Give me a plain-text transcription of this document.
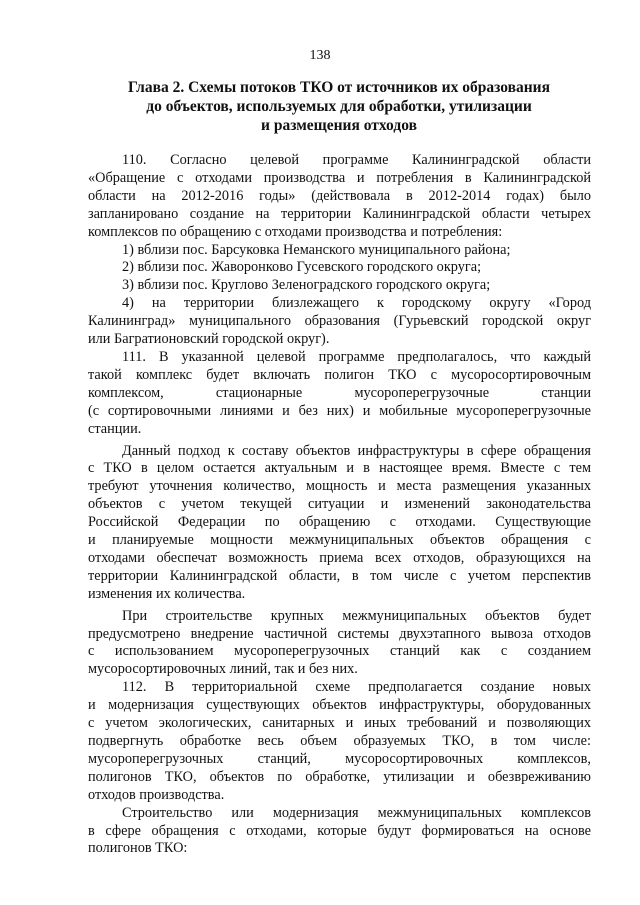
138
Глава 2. Схемы потоков ТКО от источников их образования
до объектов, используемых для обработки, утилизации
и размещения отходов
110. Согласно целевой программе Калининградской области
«Обращение с отходами производства и потребления в Калининградской
области на 2012-2016 годы» (действовала в 2012-2014 годах) было
запланировано создание на территории Калининградской области четырех
комплексов по обращению с отходами производства и потребления:
1) вблизи пос. Барсуковка Неманского муниципального района;
2) вблизи пос. Жаворонково Гусевского городского округа;
3) вблизи пос. Круглово Зеленоградского городского округа;
4) на территории близлежащего к городскому округу «Город
Калининград» муниципального образования (Гурьевский городской округ
или Багратионовский городской округ).
111. В указанной целевой программе предполагалось, что каждый
такой комплекс будет включать полигон ТКО с мусоросортировочным
комплексом, стационарные мусороперегрузочные станции
(с сортировочными линиями и без них) и мобильные мусороперегрузочные
станции.
Данный подход к составу объектов инфраструктуры в сфере обращения
с ТКО в целом остается актуальным и в настоящее время. Вместе с тем
требуют уточнения количество, мощность и места размещения указанных
объектов с учетом текущей ситуации и изменений законодательства
Российской Федерации по обращению с отходами. Существующие
и планируемые мощности межмуниципальных объектов обращения с
отходами обеспечат возможность приема всех отходов, образующихся на
территории Калининградской области, в том числе с учетом перспектив
изменения их количества.
При строительстве крупных межмуниципальных объектов будет
предусмотрено внедрение частичной системы двухэтапного вывоза отходов
с использованием мусороперегрузочных станций как с созданием
мусоросортировочных линий, так и без них.
112. В территориальной схеме предполагается создание новых
и модернизация существующих объектов инфраструктуры, оборудованных
с учетом экологических, санитарных и иных требований и позволяющих
подвергнуть обработке весь объем образуемых ТКО, в том числе:
мусороперегрузочных станций, мусоросортировочных комплексов,
полигонов ТКО, объектов по обработке, утилизации и обезвреживанию
отходов производства.
Строительство или модернизация межмуниципальных комплексов
в сфере обращения с отходами, которые будут формироваться на основе
полигонов ТКО:
